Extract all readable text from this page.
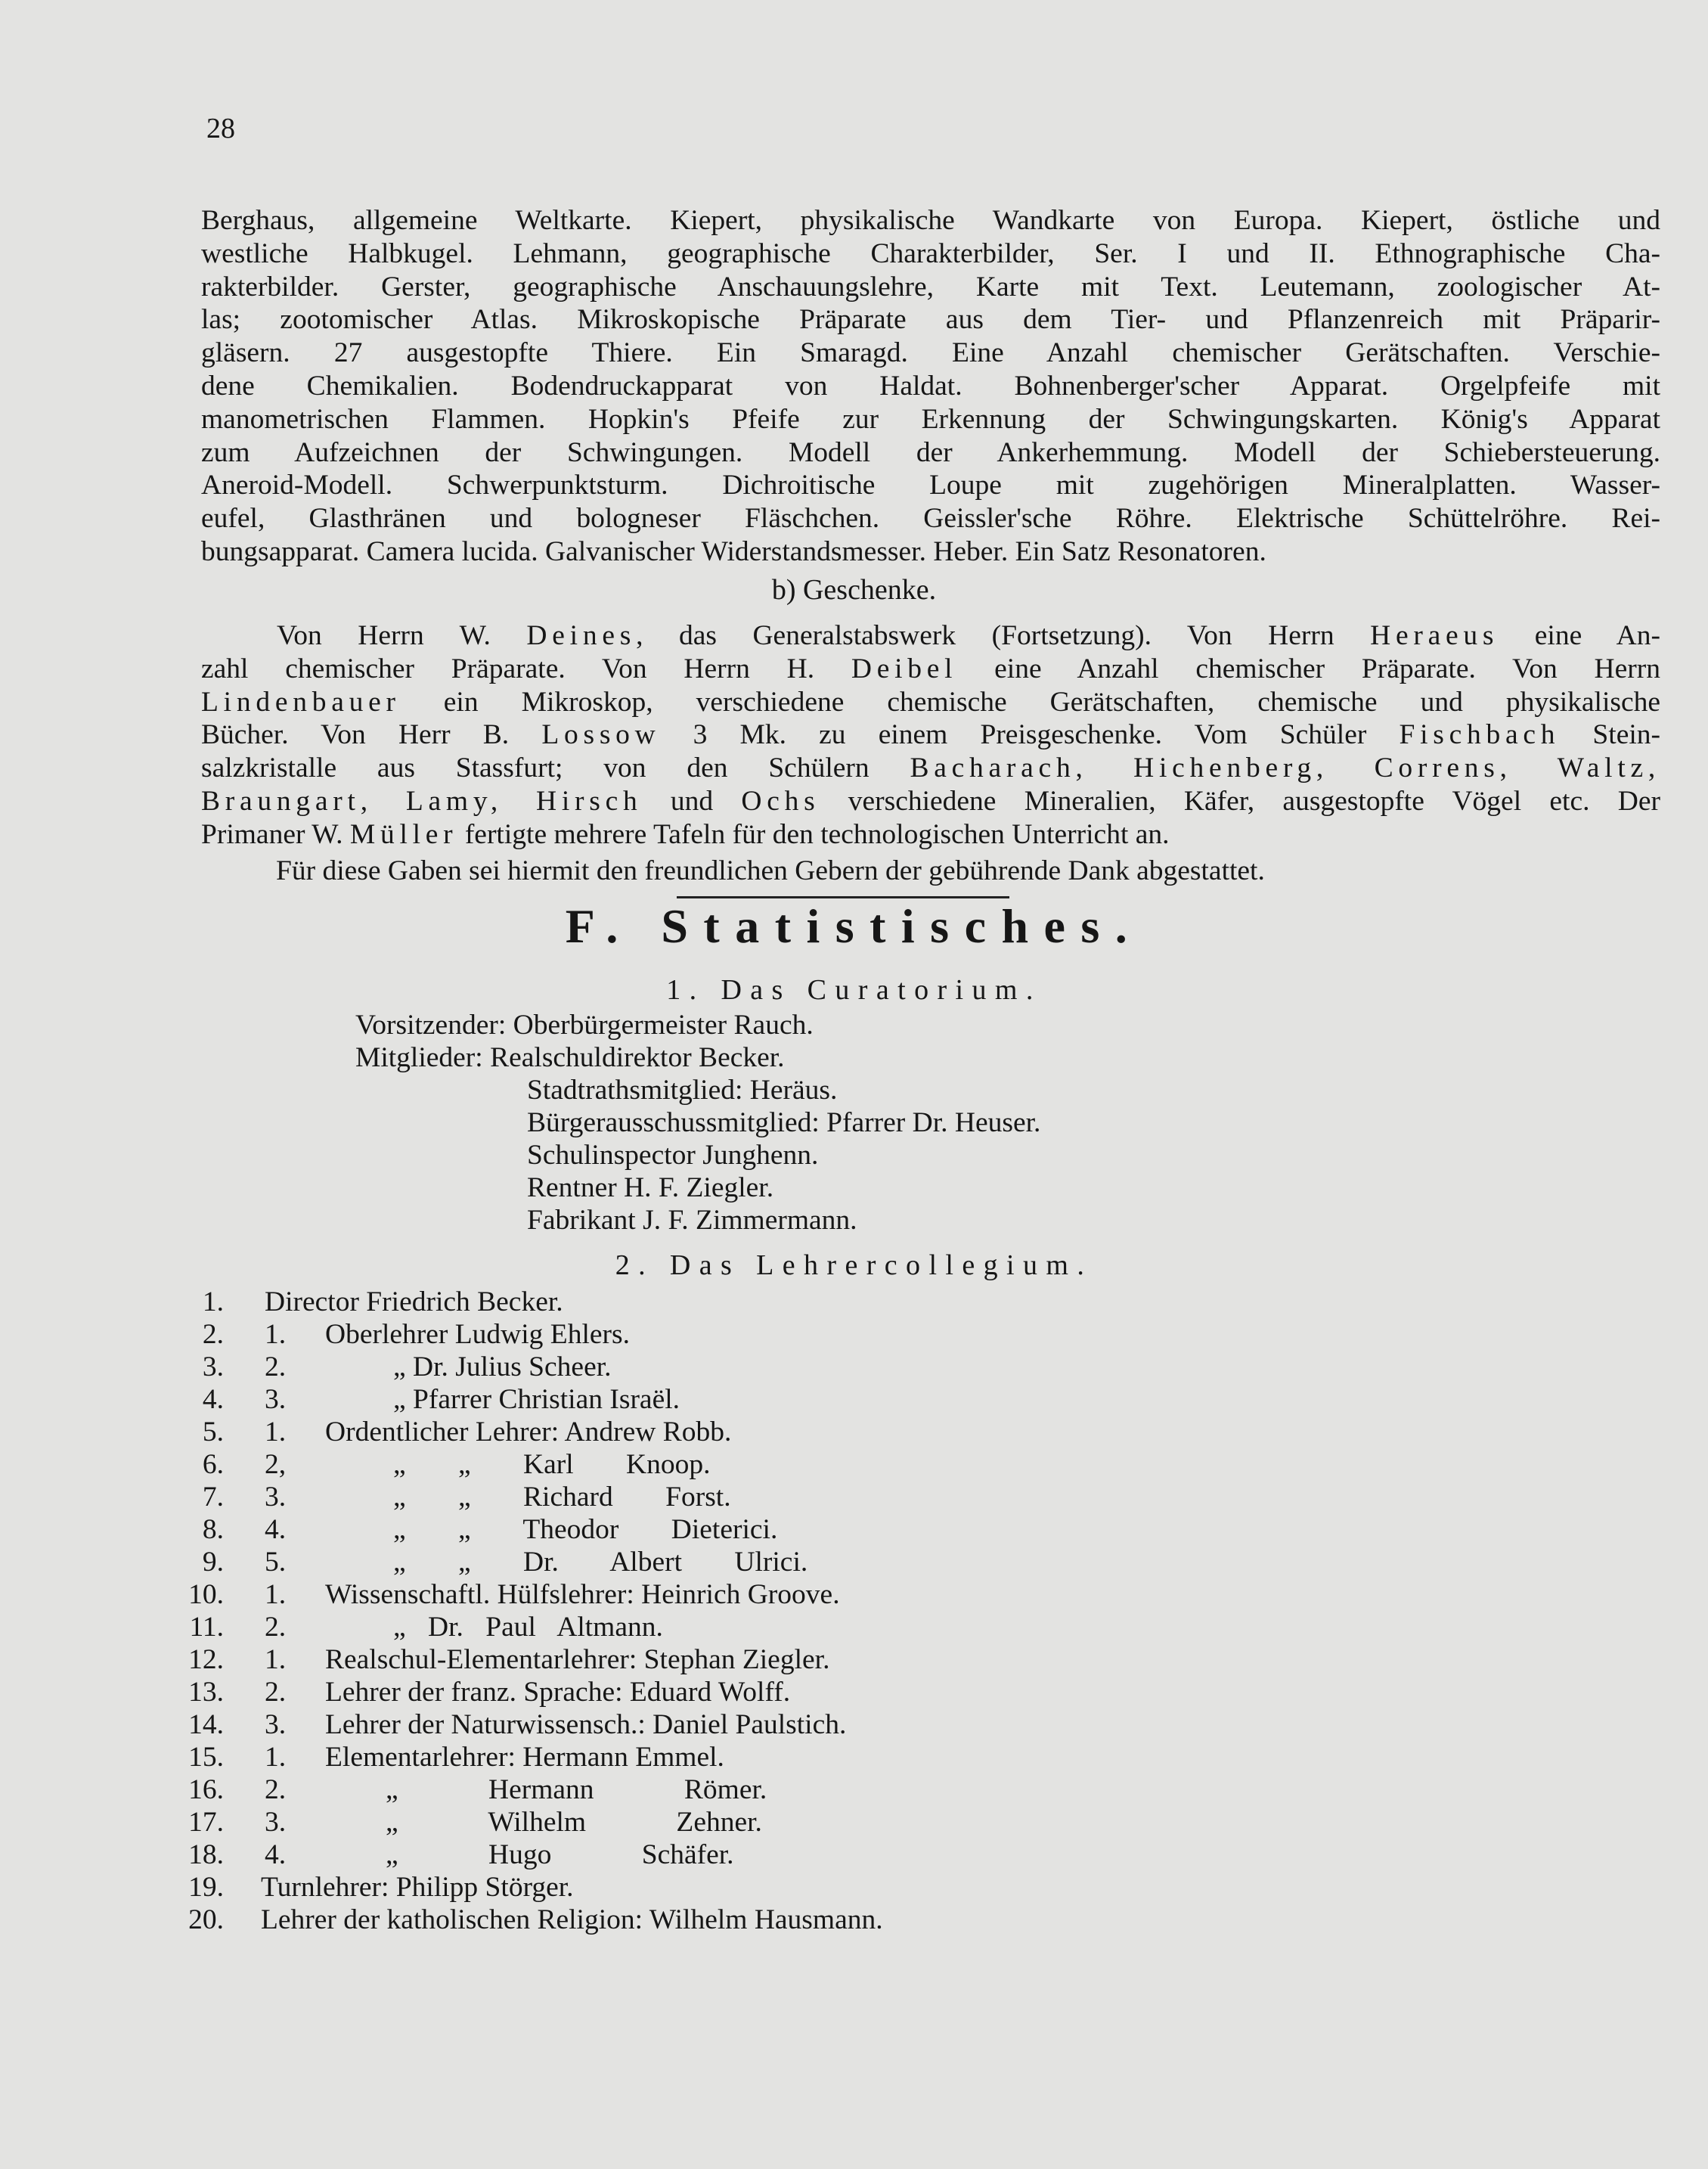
28
Berghaus, allgemeine Weltkarte. Kiepert, physikalische Wandkarte von Europa. Kiepert, östliche und
westliche Halbkugel. Lehmann, geographische Charakterbilder, Ser. I und II. Ethnographische Cha-
rakterbilder. Gerster, geographische Anschauungslehre, Karte mit Text. Leutemann, zoologischer At-
las; zootomischer Atlas. Mikroskopische Präparate aus dem Tier- und Pflanzenreich mit Präparir-
gläsern. 27 ausgestopfte Thiere. Ein Smaragd. Eine Anzahl chemischer Gerätschaften. Verschie-
dene Chemikalien. Bodendruckapparat von Haldat. Bohnenberger'scher Apparat. Orgelpfeife mit
manometrischen Flammen. Hopkin's Pfeife zur Erkennung der Schwingungskarten. König's Apparat
zum Aufzeichnen der Schwingungen. Modell der Ankerhemmung. Modell der Schiebersteuerung.
Aneroid-Modell. Schwerpunktsturm. Dichroitische Loupe mit zugehörigen Mineralplatten. Wasser-
eufel, Glasthränen und bologneser Fläschchen. Geissler'sche Röhre. Elektrische Schüttelröhre. Rei-
bungsapparat. Camera lucida. Galvanischer Widerstandsmesser. Heber. Ein Satz Resonatoren.
b) Geschenke.
Von Herrn W. Deines, das Generalstabswerk (Fortsetzung). Von Herrn Heraeus eine An-
zahl chemischer Präparate. Von Herrn H. Deibel eine Anzahl chemischer Präparate. Von Herrn
Lindenbauer ein Mikroskop, verschiedene chemische Gerätschaften, chemische und physikalische
Bücher. Von Herr B. Lossow 3 Mk. zu einem Preisgeschenke. Vom Schüler Fischbach Stein-
salzkristalle aus Stassfurt; von den Schülern Bacharach, Hichenberg, Correns, Waltz,
Braungart, Lamy, Hirsch und Ochs verschiedene Mineralien, Käfer, ausgestopfte Vögel etc. Der
Primaner W. Müller fertigte mehrere Tafeln für den technologischen Unterricht an.
Für diese Gaben sei hiermit den freundlichen Gebern der gebührende Dank abgestattet.
F. Statistisches.
1. Das Curatorium.
Vorsitzender: Oberbürgermeister Rauch.
Mitglieder: Realschuldirektor Becker.
Stadtrathsmitglied: Heräus.
Bürgerausschussmitglied: Pfarrer Dr. Heuser.
Schulinspector Junghenn.
Rentner H. F. Ziegler.
Fabrikant J. F. Zimmermann.
2. Das Lehrercollegium.
1. Director Friedrich Becker.
2. 1. Oberlehrer Ludwig Ehlers.
3. 2.	„ Dr. Julius Scheer.
4. 3.	„ Pfarrer Christian Israël.
5. 1. Ordentlicher Lehrer: Andrew Robb.
6. 2,	„ „ Karl Knoop.
7. 3.	„ „ Richard Forst.
8. 4.	„ „ Theodor Dieterici.
9. 5.	„ „ Dr. Albert Ulrici.
10. 1. Wissenschaftl. Hülfslehrer: Heinrich Groove.
11. 2.	„ Dr. Paul Altmann.
12. 1. Realschul-Elementarlehrer: Stephan Ziegler.
13. 2. Lehrer der franz. Sprache: Eduard Wolff.
14. 3. Lehrer der Naturwissensch.: Daniel Paulstich.
15. 1. Elementarlehrer: Hermann Emmel.
16. 2.	„ Hermann Römer.
17. 3.	„ Wilhelm Zehner.
18. 4.	„ Hugo Schäfer.
19. Turnlehrer: Philipp Störger.
20. Lehrer der katholischen Religion: Wilhelm Hausmann.
